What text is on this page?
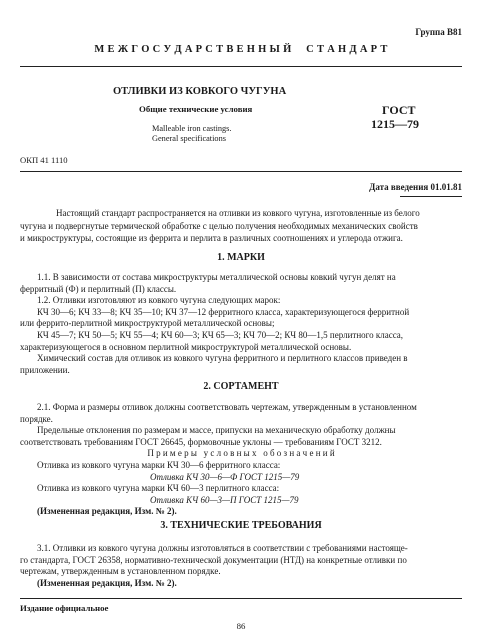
Группа В81
М Е Ж Г О С У Д А Р С Т В Е Н Н Ы Й     С Т А Н Д А Р Т
ОТЛИВКИ ИЗ КОВКОГО ЧУГУНА
Общие технические условия
Malleable iron castings.
General specifications
ГОСТ
1215—79
ОКП 41 1110
Дата введения 01.01.81
Настоящий стандарт распространяется на отливки из ковкого чугуна, изготовленные из белого
чугуна и подвергнутые термической обработке с целью получения необходимых механических свойств
и микроструктуры, состоящие из феррита и перлита в различных соотношениях и углерода отжига.
1. МАРКИ
1.1. В зависимости от состава микроструктуры металлической основы ковкий чугун делят на
ферритный (Ф) и перлитный (П) классы.
1.2. Отливки изготовляют из ковкого чугуна следующих марок:
КЧ 30—6; КЧ 33—8; КЧ 35—10; КЧ 37—12 ферритного класса, характеризующегося ферритной
или феррито-перлитной микроструктурой металлической основы;
КЧ 45—7; КЧ 50—5; КЧ 55—4; КЧ 60—3; КЧ 65—3; КЧ 70—2; КЧ 80—1,5 перлитного класса,
характеризующегося в основном перлитной микроструктурой металлической основы.
Химический состав для отливок из ковкого чугуна ферритного и перлитного классов приведен в
приложении.
2. СОРТАМЕНТ
2.1. Форма и размеры отливок должны соответствовать чертежам, утвержденным в установленном
порядке.
Предельные отклонения по размерам и массе, припуски на механическую обработку должны
соответствовать требованиям ГОСТ 26645, формовочные уклоны — требованиям ГОСТ 3212.
П р и м е р ы   у с л о в н ы х   о б о з н а ч е н и й
Отливка из ковкого чугуна марки КЧ 30—6 ферритного класса:
Отливка КЧ 30—6—Ф ГОСТ 1215—79
Отливка из ковкого чугуна марки КЧ 60—3 перлитного класса:
Отливка КЧ 60—3—П ГОСТ 1215—79
(Измененная редакция, Изм. № 2).
3. ТЕХНИЧЕСКИЕ ТРЕБОВАНИЯ
3.1. Отливки из ковкого чугуна должны изготовляться в соответствии с требованиями настояще-
го стандарта, ГОСТ 26358, нормативно-технической документации (НТД) на конкретные отливки по
чертежам, утвержденным в установленном порядке.
(Измененная редакция, Изм. № 2).
Издание официальное
86
